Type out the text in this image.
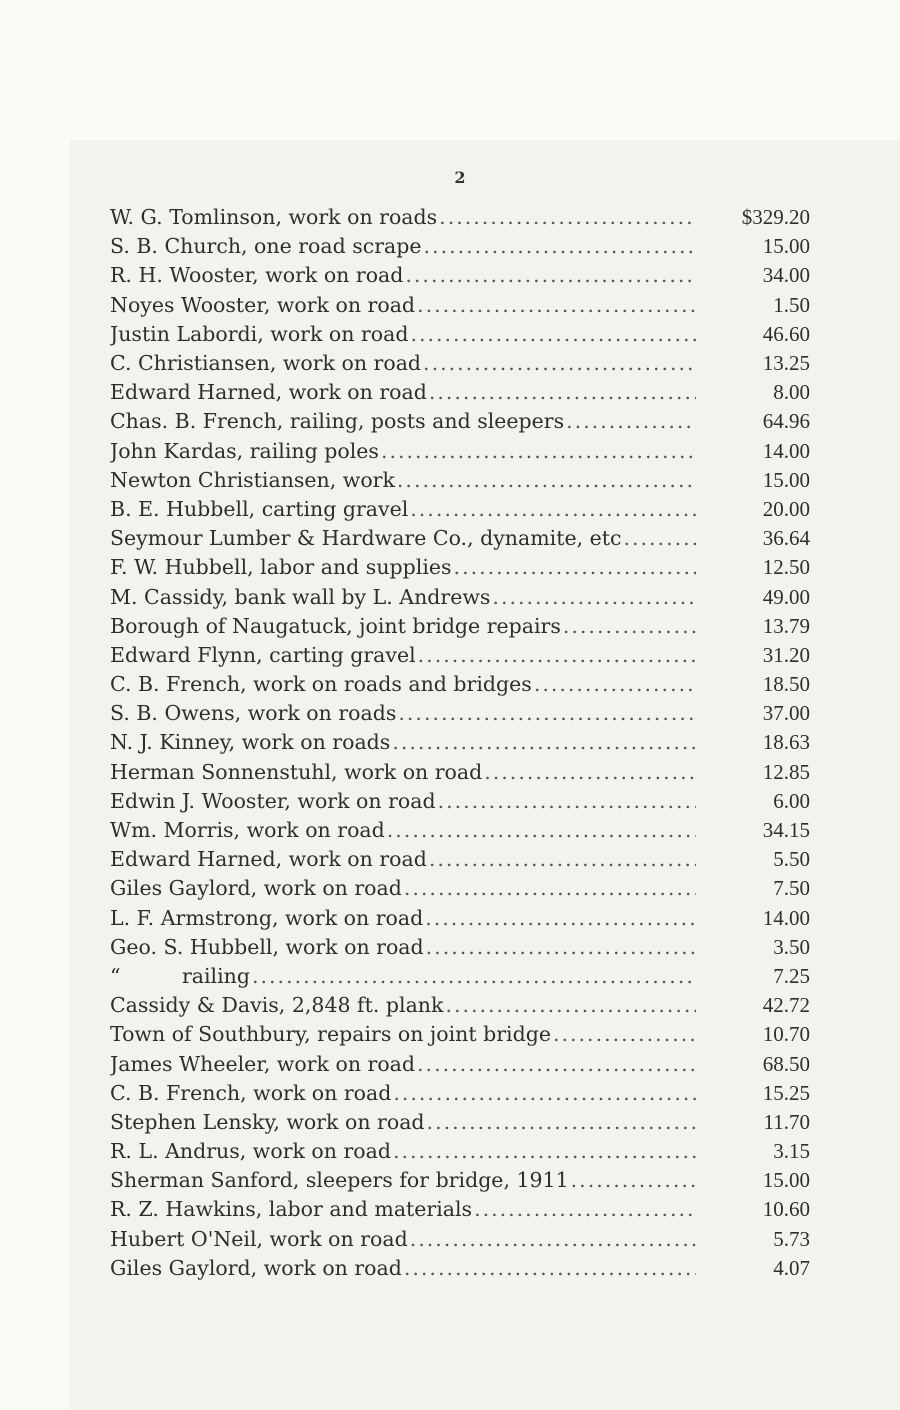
2
W. G. Tomlinson, work on roads .....	$329.20
S. B. Church, one road scrape .....	15.00
R. H. Wooster, work on road .....	34.00
Noyes Wooster, work on road .....	1.50
Justin Labordi, work on road .....	46.60
C. Christiansen, work on road .....	13.25
Edward Harned, work on road .....	8.00
Chas. B. French, railing, posts and sleepers .....	64.96
John Kardas, railing poles .....	14.00
Newton Christiansen, work .....	15.00
B. E. Hubbell, carting gravel .....	20.00
Seymour Lumber & Hardware Co., dynamite, etc .....	36.64
F. W. Hubbell, labor and supplies .....	12.50
M. Cassidy, bank wall by L. Andrews .....	49.00
Borough of Naugatuck, joint bridge repairs .....	13.79
Edward Flynn, carting gravel .....	31.20
C. B. French, work on roads and bridges .....	18.50
S. B. Owens, work on roads .....	37.00
N. J. Kinney, work on roads .....	18.63
Herman Sonnenstuhl, work on road .....	12.85
Edwin J. Wooster, work on road .....	6.00
Wm. Morris, work on road .....	34.15
Edward Harned, work on road .....	5.50
Giles Gaylord, work on road .....	7.50
L. F. Armstrong, work on road .....	14.00
Geo. S. Hubbell, work on road .....	3.50
“   railing .....	7.25
Cassidy & Davis, 2,848 ft. plank .....	42.72
Town of Southbury, repairs on joint bridge .....	10.70
James Wheeler, work on road .....	68.50
C. B. French, work on road .....	15.25
Stephen Lensky, work on road .....	11.70
R. L. Andrus, work on road .....	3.15
Sherman Sanford, sleepers for bridge, 1911 .....	15.00
R. Z. Hawkins, labor and materials .....	10.60
Hubert O'Neil, work on road .....	5.73
Giles Gaylord, work on road .....	4.07
